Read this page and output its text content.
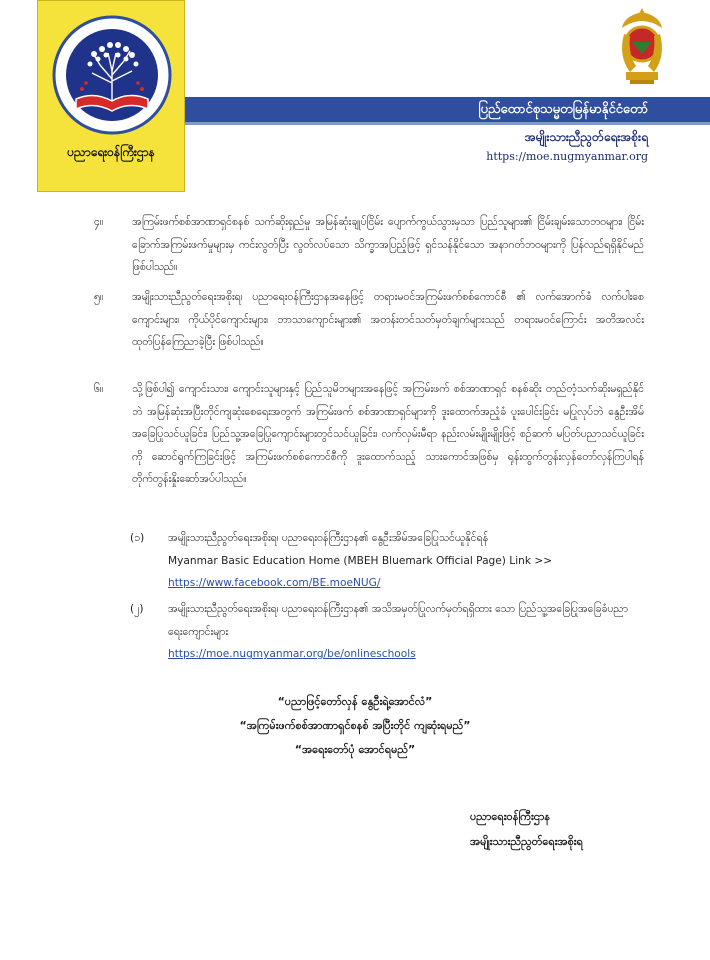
ပညာရေးဝန်ကြီးဌာန
ပြည်ထောင်စုသမ္မတမြန်မာနိုင်ငံတော်
အမျိုးသားညီညွတ်ရေးအစိုးရ
https://moe.nugmyanmar.org
၄။	အကြမ်းဖက်စစ်အာဏာရှင်စနစ် သက်ဆိုးရှည်မှု အမြန်ဆုံးချုပ်ငြိမ်း ပျောက်ကွယ်သွားမှသာ ပြည်သူများ၏ ငြိမ်းချမ်းသောဘဝများ၊ ငြိမ်းခြောက်အကြမ်းဖက်မှုများမှ ကင်းလွတ်ပြီး လွတ်လပ်သော သိက္ခာအပြည့်ဖြင့် ရှင်သန်နိုင်သော အနာဂတ်ဘဝများကို ပြန်လည်ရရှိနိုင်မည် ဖြစ်ပါသည်။
၅။	အမျိုးသားညီညွတ်ရေးအစိုးရ၊ ပညာရေးဝန်ကြီးဌာနအနေဖြင့် တရားမဝင်အကြမ်းဖက်စစ်ကောင်စီ ၏ လက်အောက်ခံ လက်ပါးစေ ကျောင်းများ၊ ကိုယ်ပိုင်ကျောင်းများ၊ ဘာသာကျောင်းများ၏ အတန်းတင်သတ်မှတ်ချက်များသည် တရားမဝင်ကြောင်း အတိအလင်း ထုတ်ပြန်ကြေညာခဲ့ပြီး ဖြစ်ပါသည်။
၆။	သို့ဖြစ်ပါ၍ ကျောင်းသား၊ ကျောင်းသူများနှင့် ပြည်သူမိဘများအနေဖြင့် အကြမ်းဖက် စစ်အာဏာရှင် စနစ်ဆိုး တည်တံ့သက်ဆိုးမရှည်နိုင်ဘဲ အမြန်ဆုံးအပြီးတိုင်ကျဆုံးစေရေးအတွက် အကြမ်းဖက် စစ်အာဏာရှင်များကို ဒူးထောက်အညံ့ခံ ပူးပေါင်းခြင်း မပြုလုပ်ဘဲ နွေဦးအိမ်အခြေပြုသင်ယူခြင်း၊ ပြည်သူ့အခြေပြုကျောင်းများတွင်သင်ယူခြင်း၊ လက်လှမ်းမီရာ နည်းလမ်းမျိုးမျိုးဖြင့် စဉ်ဆက် မပြတ်ပညာသင်ယူခြင်းကို ဆောင်ရွက်ကြခြင်းဖြင့် အကြမ်းဖက်စစ်ကောင်စီကို ဒူးထောက်သည့် သားကောင်အဖြစ်မှ ရုန်းထွက်တွန်းလှန်တော်လှန်ကြပါရန် တိုက်တွန်းနှိုးဆော်အပ်ပါသည်။
(၁)	အမျိုးသားညီညွတ်ရေးအစိုးရ၊ ပညာရေးဝန်ကြီးဌာန၏ နွေဦးအိမ်အခြေပြုသင်ယူနိုင်ရန်
Myanmar Basic Education Home (MBEH Bluemark Official Page) Link >>
https://www.facebook.com/BE.moeNUG/
(၂)	အမျိုးသားညီညွတ်ရေးအစိုးရ၊ ပညာရေးဝန်ကြီးဌာန၏ အသိအမှတ်ပြုလက်မှတ်ရရှိထား သော ပြည်သူ့အခြေပြုအခြေခံပညာရေးကျောင်းများ
https://moe.nugmyanmar.org/be/onlineschools
“ပညာဖြင့်တော်လှန် နွေဦးရဲ့အောင်လံ”
“အကြမ်းဖက်စစ်အာဏာရှင်စနစ် အပြီးတိုင် ကျဆုံးရမည်”
“အရေးတော်ပုံ အောင်ရမည်”
ပညာရေးဝန်ကြီးဌာန
အမျိုးသားညီညွတ်ရေးအစိုးရ
